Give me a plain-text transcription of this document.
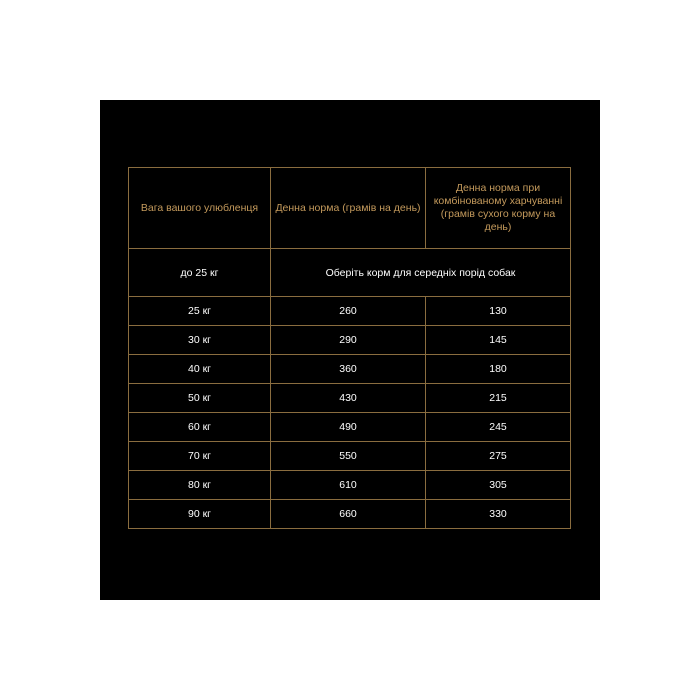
Вага вашого улюбленця	Денна норма (грамів на день)	Денна норма при комбінованому харчуванні (грамів сухого корму на день)
до 25 кг	Оберіть корм для середніх порід собак	
25 кг	260	130
30 кг	290	145
40 кг	360	180
50 кг	430	215
60 кг	490	245
70 кг	550	275
80 кг	610	305
90 кг	660	330
